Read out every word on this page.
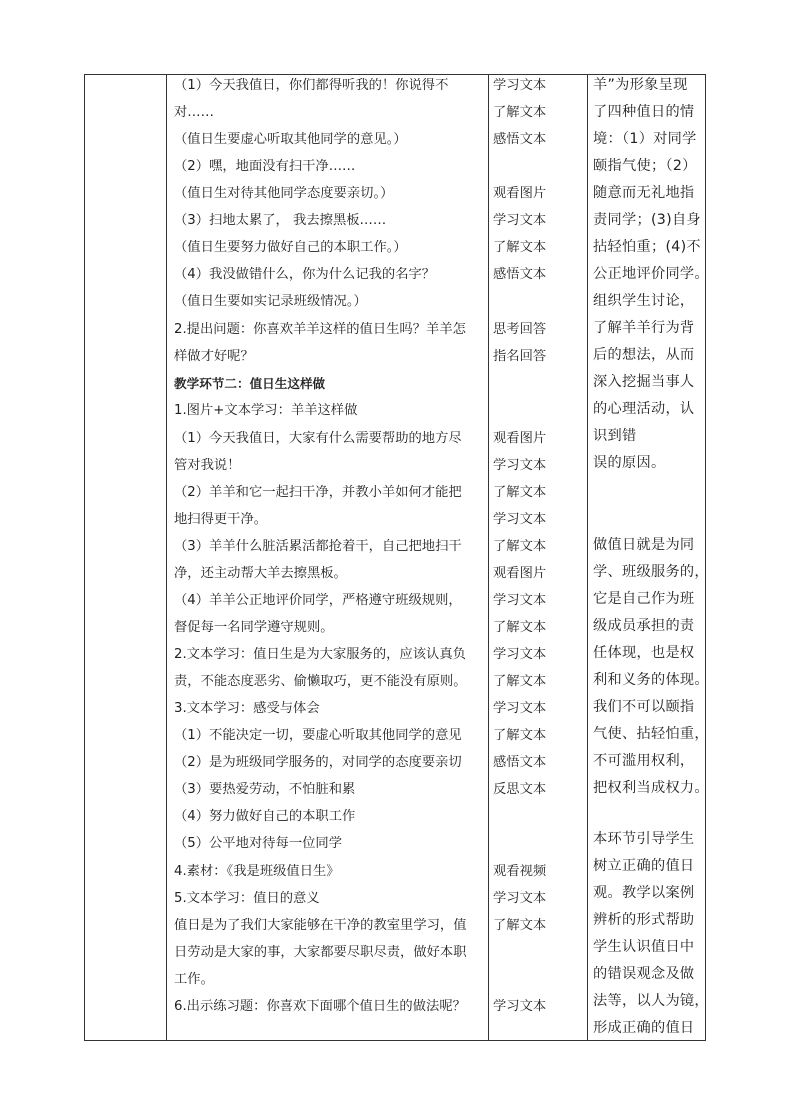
（1）今天我值日，你们都得听我的！你说得不
对……
（值日生要虚心听取其他同学的意见。）
（2）嘿，地面没有扫干净……
（值日生对待其他同学态度要亲切。）
（3）扫地太累了， 我去擦黑板……
（值日生要努力做好自己的本职工作。）
（4）我没做错什么，你为什么记我的名字？
（值日生要如实记录班级情况。）
2.提出问题：你喜欢羊羊这样的值日生吗？羊羊怎
样做才好呢？
教学环节二：值日生这样做
1.图片+文本学习：羊羊这样做
（1）今天我值日，大家有什么需要帮助的地方尽
管对我说！
（2）羊羊和它一起扫干净，并教小羊如何才能把
地扫得更干净。
（3）羊羊什么脏活累活都抢着干，自己把地扫干
净，还主动帮大羊去擦黑板。
（4）羊羊公正地评价同学，严格遵守班级规则，
督促每一名同学遵守规则。
2.文本学习：值日生是为大家服务的，应该认真负
责，不能态度恶劣、偷懒取巧，更不能没有原则。
3.文本学习：感受与体会
（1）不能决定一切，要虚心听取其他同学的意见
（2）是为班级同学服务的，对同学的态度要亲切
（3）要热爱劳动，不怕脏和累
（4）努力做好自己的本职工作
（5）公平地对待每一位同学
4.素材：《我是班级值日生》
5.文本学习：值日的意义
值日是为了我们大家能够在干净的教室里学习，值
日劳动是大家的事，大家都要尽职尽责，做好本职
工作。
6.出示练习题：你喜欢下面哪个值日生的做法呢？
学习文本
了解文本
感悟文本
观看图片
学习文本
了解文本
感悟文本
思考回答
指名回答
观看图片
学习文本
了解文本
学习文本
了解文本
观看图片
学习文本
了解文本
学习文本
了解文本
学习文本
了解文本
感悟文本
反思文本
观看视频
学习文本
了解文本
学习文本
羊”为形象呈现
了四种值日的情
境：（1）对同学
颐指气使；（2）
随意而无礼地指
责同学；(3)自身
拈轻怕重；(4)不
公正地评价同学。
组织学生讨论，
了解羊羊行为背
后的想法，从而
深入挖掘当事人
的心理活动，认
识到错
误的原因。
做值日就是为同
学、班级服务的，
它是自己作为班
级成员承担的责
任体现，也是权
利和义务的体现。
我们不可以颐指
气使、拈轻怕重，
不可滥用权利，
把权利当成权力。
本环节引导学生
树立正确的值日
观。教学以案例
辨析的形式帮助
学生认识值日中
的错误观念及做
法等，以人为镜，
形成正确的值日
